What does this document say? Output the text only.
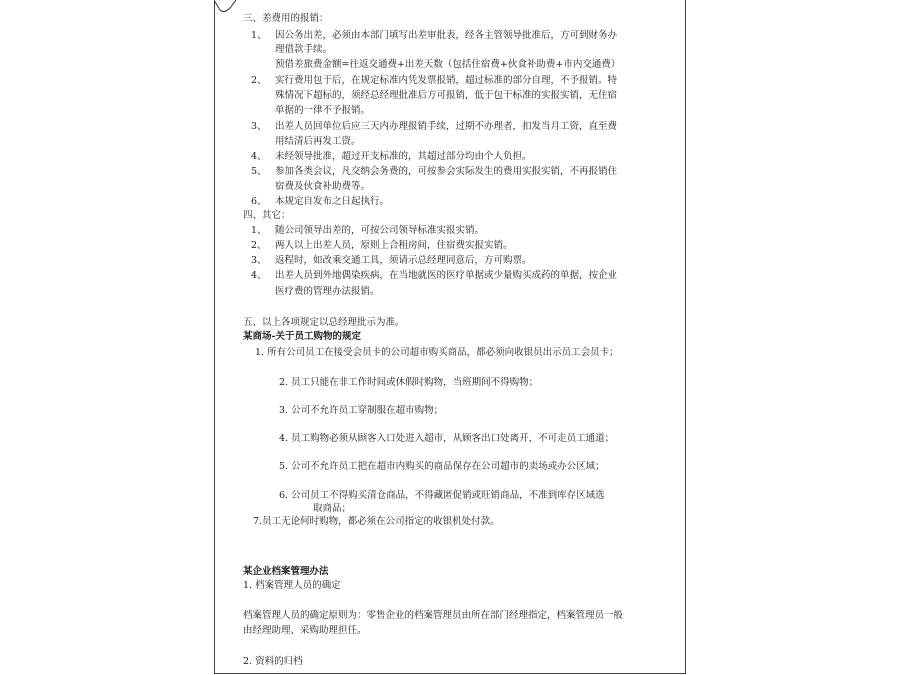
三、差费用的报销：
1、 因公务出差，必须由本部门填写出差审批表，经各主管领导批准后，方可到财务办
理借款手续。
预借差旅费金额=往返交通费+出差天数（包括住宿费+伙食补助费+市内交通费）
2、 实行费用包干后，在规定标准内凭发票报销，超过标准的部分自理，不予报销。特
殊情况下超标的，须经总经理批准后方可报销，低于包干标准的实报实销，无住宿
单据的一律不予报销。
3、 出差人员回单位后应三天内办理报销手续，过期不办理者，扣发当月工资，直至费
用结清后再发工资。
4、 未经领导批准，超过开支标准的，其超过部分均由个人负担。
5、 参加各类会议，凡交纳会务费的，可按参会实际发生的费用实报实销，不再报销住
宿费及伙食补助费等。
6、 本规定自发布之日起执行。
四、其它：
1、 随公司领导出差的，可按公司领导标准实报实销。
2、 两人以上出差人员，原则上合租房间，住宿费实报实销。
3、 返程时，如改乘交通工具，须请示总经理同意后，方可购票。
4、 出差人员到外地偶染疾病，在当地就医的医疗单据或少量购买成药的单据，按企业
医疗费的管理办法报销。
五、以上各项规定以总经理批示为准。
某商场-关于员工购物的规定
1. 所有公司员工在接受会员卡的公司超市购买商品，都必须向收银员出示员工会员卡；
2. 员工只能在非工作时间或休假时购物，当班期间不得购物；
3. 公司不允许员工穿制服在超市购物；
4. 员工购物必须从顾客入口处进入超市，从顾客出口处离开，不可走员工通道；
5. 公司不允许员工把在超市内购买的商品保存在公司超市的卖场或办公区域；
6. 公司员工不得购买清仓商品，不得藏匿促销或旺销商品，不准到库存区域选
取商品；
7.员工无论何时购物，都必须在公司指定的收银机处付款。
某企业档案管理办法
1. 档案管理人员的确定
档案管理人员的确定原则为：零售企业的档案管理员由所在部门经理指定，档案管理员一般
由经理助理、采购助理担任。
2. 资料的归档
